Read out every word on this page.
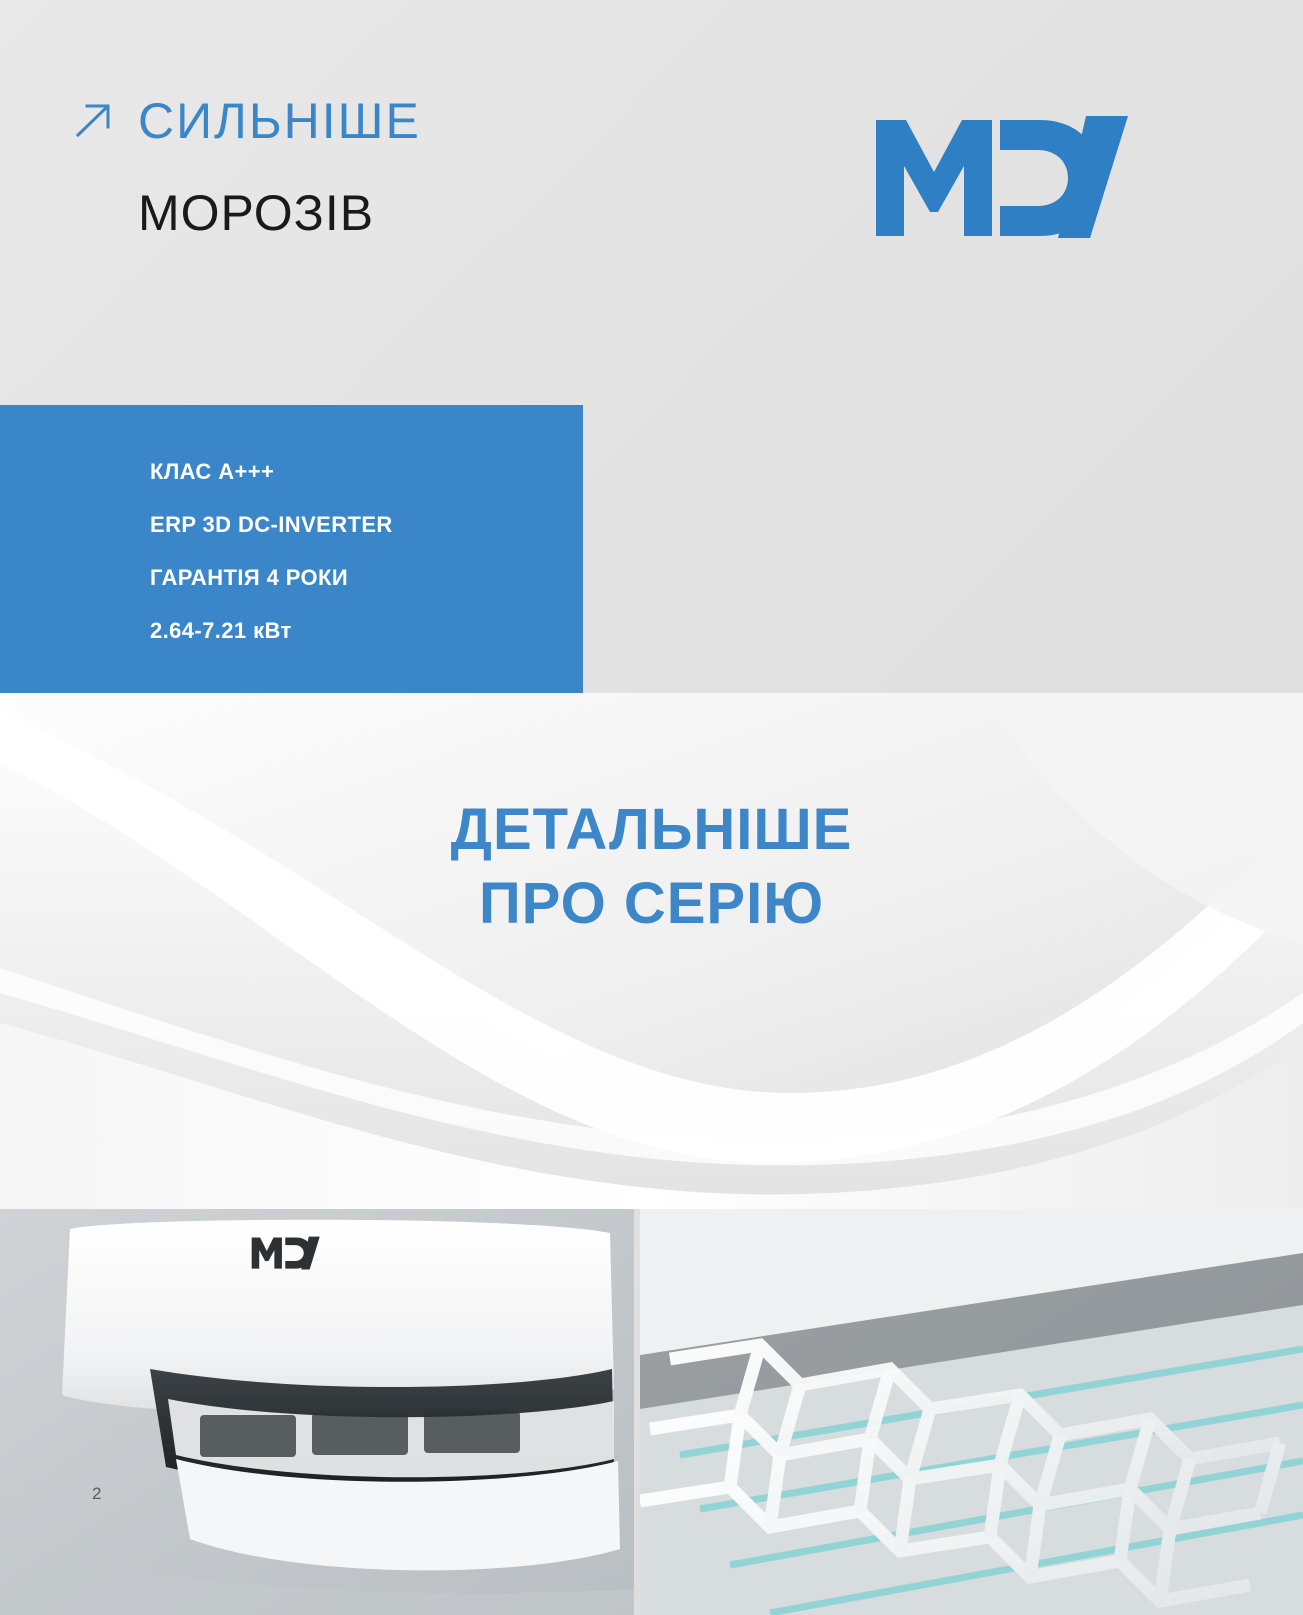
СИЛЬНІШЕ
МОРОЗІВ
КЛАС A+++
ERP 3D DC-INVERTER
ГАРАНТІЯ 4 РОКИ
2.64-7.21 кВт
ДЕТАЛЬНІШЕ
ПРО СЕРІЮ
2
